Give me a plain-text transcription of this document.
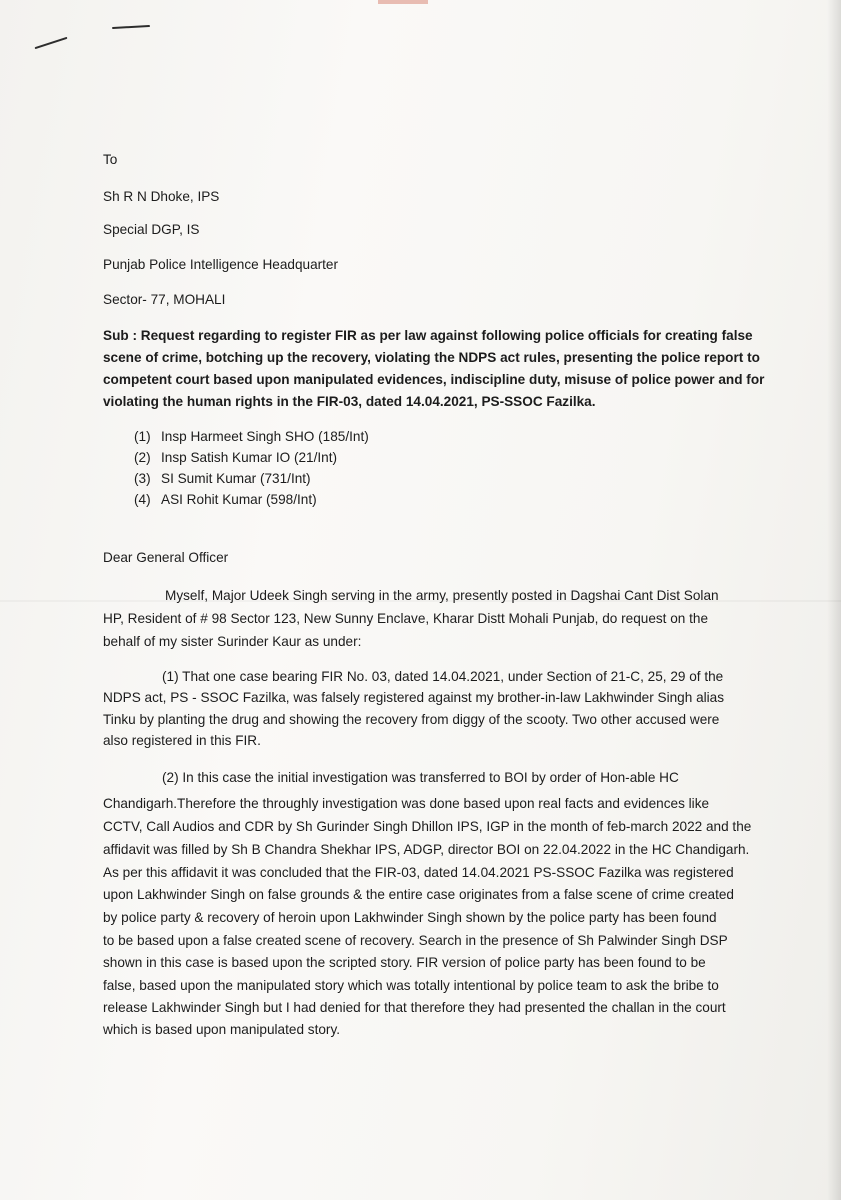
To
Sh R N Dhoke, IPS
Special DGP, IS
Punjab Police Intelligence Headquarter
Sector- 77, MOHALI
Sub : Request regarding to register FIR as per law against following police officials for creating false
scene of crime, botching up the recovery, violating the NDPS act rules, presenting the police report to
competent court based upon manipulated evidences, indiscipline duty, misuse of police power and for
violating the human rights in the FIR-03, dated 14.04.2021, PS-SSOC Fazilka.
(1) Insp Harmeet Singh SHO (185/Int)
(2) Insp Satish Kumar IO (21/Int)
(3) SI Sumit Kumar (731/Int)
(4) ASI Rohit Kumar (598/Int)
Dear General Officer
Myself, Major Udeek Singh serving in the army, presently posted in Dagshai Cant Dist Solan
HP, Resident of # 98 Sector 123, New Sunny Enclave, Kharar Distt Mohali Punjab, do request on the
behalf of my sister Surinder Kaur as under:
(1) That one case bearing FIR No. 03, dated 14.04.2021, under Section of 21-C, 25, 29 of the
NDPS act, PS - SSOC Fazilka, was falsely registered against my brother-in-law Lakhwinder Singh alias
Tinku by planting the drug and showing the recovery from diggy of the scooty. Two other accused were
also registered in this FIR.
(2) In this case the initial investigation was transferred to BOI by order of Hon-able HC
Chandigarh.Therefore the throughly investigation was done based upon real facts and evidences like
CCTV, Call Audios and CDR by Sh Gurinder Singh Dhillon IPS, IGP in the month of feb-march 2022 and the
affidavit was filled by Sh B Chandra Shekhar IPS, ADGP, director BOI on 22.04.2022 in the HC Chandigarh.
As per this affidavit it was concluded that the FIR-03, dated 14.04.2021 PS-SSOC Fazilka was registered
upon Lakhwinder Singh on false grounds & the entire case originates from a false scene of crime created
by police party & recovery of heroin upon Lakhwinder Singh shown by the police party has been found
to be based upon a false created scene of recovery. Search in the presence of Sh Palwinder Singh DSP
shown in this case is based upon the scripted story. FIR version of police party has been found to be
false, based upon the manipulated story which was totally intentional by police team to ask the bribe to
release Lakhwinder Singh but I had denied for that therefore they had presented the challan in the court
which is based upon manipulated story.
